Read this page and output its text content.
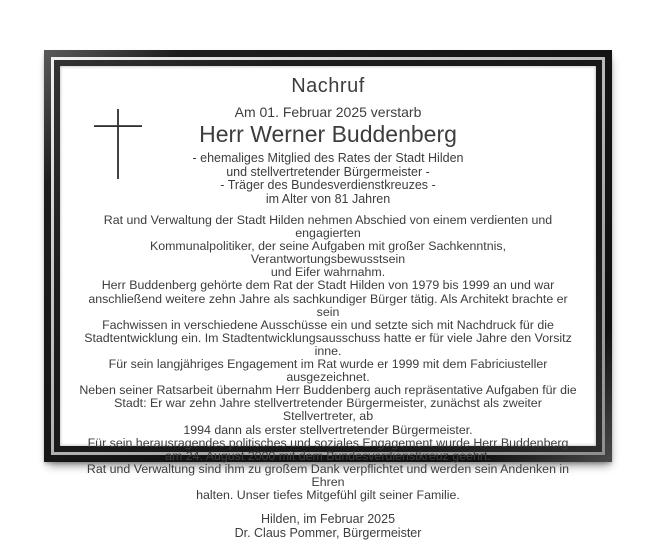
Nachruf
Am 01. Februar 2025 verstarb
Herr Werner Buddenberg
- ehemaliges Mitglied des Rates der Stadt Hilden
und stellvertretender Bürgermeister -
- Träger des Bundesverdienstkreuzes -
im Alter von 81 Jahren
Rat und Verwaltung der Stadt Hilden nehmen Abschied von einem verdienten und engagierten
Kommunalpolitiker, der seine Aufgaben mit großer Sachkenntnis, Verantwortungsbewusstsein
und Eifer wahrnahm.
Herr Buddenberg gehörte dem Rat der Stadt Hilden von 1979 bis 1999 an und war
anschließend weitere zehn Jahre als sachkundiger Bürger tätig. Als Architekt brachte er sein
Fachwissen in verschiedene Ausschüsse ein und setzte sich mit Nachdruck für die
Stadtentwicklung ein. Im Stadtentwicklungsausschuss hatte er für viele Jahre den Vorsitz inne.
Für sein langjähriges Engagement im Rat wurde er 1999 mit dem Fabriciusteller ausgezeichnet.
Neben seiner Ratsarbeit übernahm Herr Buddenberg auch repräsentative Aufgaben für die
Stadt: Er war zehn Jahre stellvertretender Bürgermeister, zunächst als zweiter Stellvertreter, ab
1994 dann als erster stellvertretender Bürgermeister.
Für sein herausragendes politisches und soziales Engagement wurde Herr Buddenberg
am 24. August 2000 mit dem Bundesverdienstkreuz geehrt.
Rat und Verwaltung sind ihm zu großem Dank verpflichtet und werden sein Andenken in Ehren
halten. Unser tiefes Mitgefühl gilt seiner Familie.
Hilden, im Februar 2025
Dr. Claus Pommer, Bürgermeister
